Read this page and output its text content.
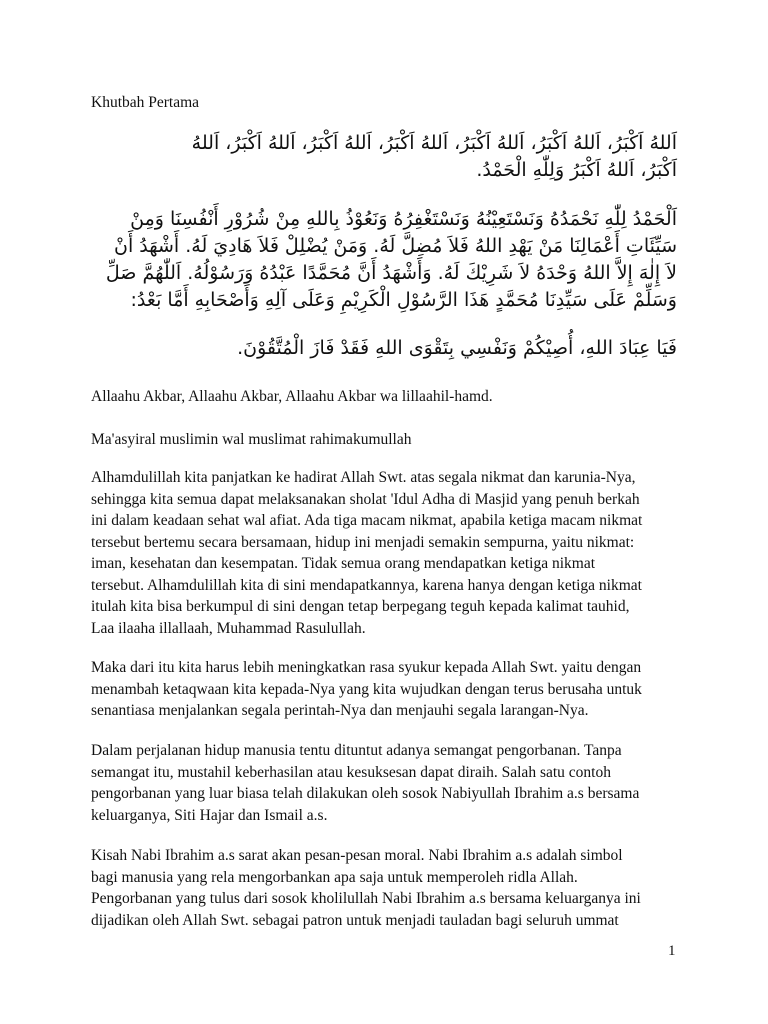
Khutbah Pertama
اَللهُ اَكْبَرُ، اَللهُ اَكْبَرُ، اَللهُ اَكْبَرُ، اَللهُ اَكْبَرُ، اَللهُ اَكْبَرُ، اَللهُ اَكْبَرُ، اَللهُ
اَكْبَرُ، اَللهُ اَكْبَرُ وَلِلّٰهِ الْحَمْدُ.
اَلْحَمْدُ لِلّٰهِ نَحْمَدُهُ وَنَسْتَعِيْنُهُ وَنَسْتَغْفِرُهُ وَنَعُوْذُ بِاللهِ مِنْ شُرُوْرِ أَنْفُسِنَا وَمِنْ
سَيِّئَاتِ أَعْمَالِنَا مَنْ يَهْدِ اللهُ فَلاَ مُضِلَّ لَهُ. وَمَنْ يُضْلِلْ فَلاَ هَادِيَ لَهُ. أَشْهَدُ أَنْ
لاَ إِلٰهَ إِلاَّ اللهُ وَحْدَهُ لاَ شَرِيْكَ لَهُ. وَأَشْهَدُ أَنَّ مُحَمَّدًا عَبْدُهُ وَرَسُوْلُهُ. اَللّٰهُمَّ صَلِّ
وَسَلِّمْ عَلَى سَيِّدِنَا مُحَمَّدٍ هَذَا الرَّسُوْلِ الْكَرِيْمِ وَعَلَى آلِهِ وَأَصْحَابِهِ أَمَّا بَعْدُ:
فَيَا عِبَادَ اللهِ، أُصِيْكُمْ وَنَفْسِي بِتَقْوَى اللهِ فَقَدْ فَازَ الْمُتَّقُوْنَ.
Allaahu Akbar, Allaahu Akbar, Allaahu Akbar wa lillaahil-hamd.
Ma'asyiral muslimin wal muslimat rahimakumullah
Alhamdulillah kita panjatkan ke hadirat Allah Swt. atas segala nikmat dan karunia-Nya,
sehingga kita semua dapat melaksanakan sholat 'Idul Adha di Masjid yang penuh berkah
ini dalam keadaan sehat wal afiat. Ada tiga macam nikmat, apabila ketiga macam nikmat
tersebut bertemu secara bersamaan, hidup ini menjadi semakin sempurna, yaitu nikmat:
iman, kesehatan dan kesempatan. Tidak semua orang mendapatkan ketiga nikmat
tersebut. Alhamdulillah kita di sini mendapatkannya, karena hanya dengan ketiga nikmat
itulah kita bisa berkumpul di sini dengan tetap berpegang teguh kepada kalimat tauhid,
Laa ilaaha illallaah, Muhammad Rasulullah.
Maka dari itu kita harus lebih meningkatkan rasa syukur kepada Allah Swt. yaitu dengan
menambah ketaqwaan kita kepada-Nya yang kita wujudkan dengan terus berusaha untuk
senantiasa menjalankan segala perintah-Nya dan menjauhi segala larangan-Nya.
Dalam perjalanan hidup manusia tentu dituntut adanya semangat pengorbanan. Tanpa
semangat itu, mustahil keberhasilan atau kesuksesan dapat diraih. Salah satu contoh
pengorbanan yang luar biasa telah dilakukan oleh sosok Nabiyullah Ibrahim a.s bersama
keluarganya, Siti Hajar dan Ismail a.s.
Kisah Nabi Ibrahim a.s sarat akan pesan-pesan moral. Nabi Ibrahim a.s adalah simbol
bagi manusia yang rela mengorbankan apa saja untuk memperoleh ridla Allah.
Pengorbanan yang tulus dari sosok kholilullah Nabi Ibrahim a.s bersama keluarganya ini
dijadikan oleh Allah Swt. sebagai patron untuk menjadi tauladan bagi seluruh ummat
1
